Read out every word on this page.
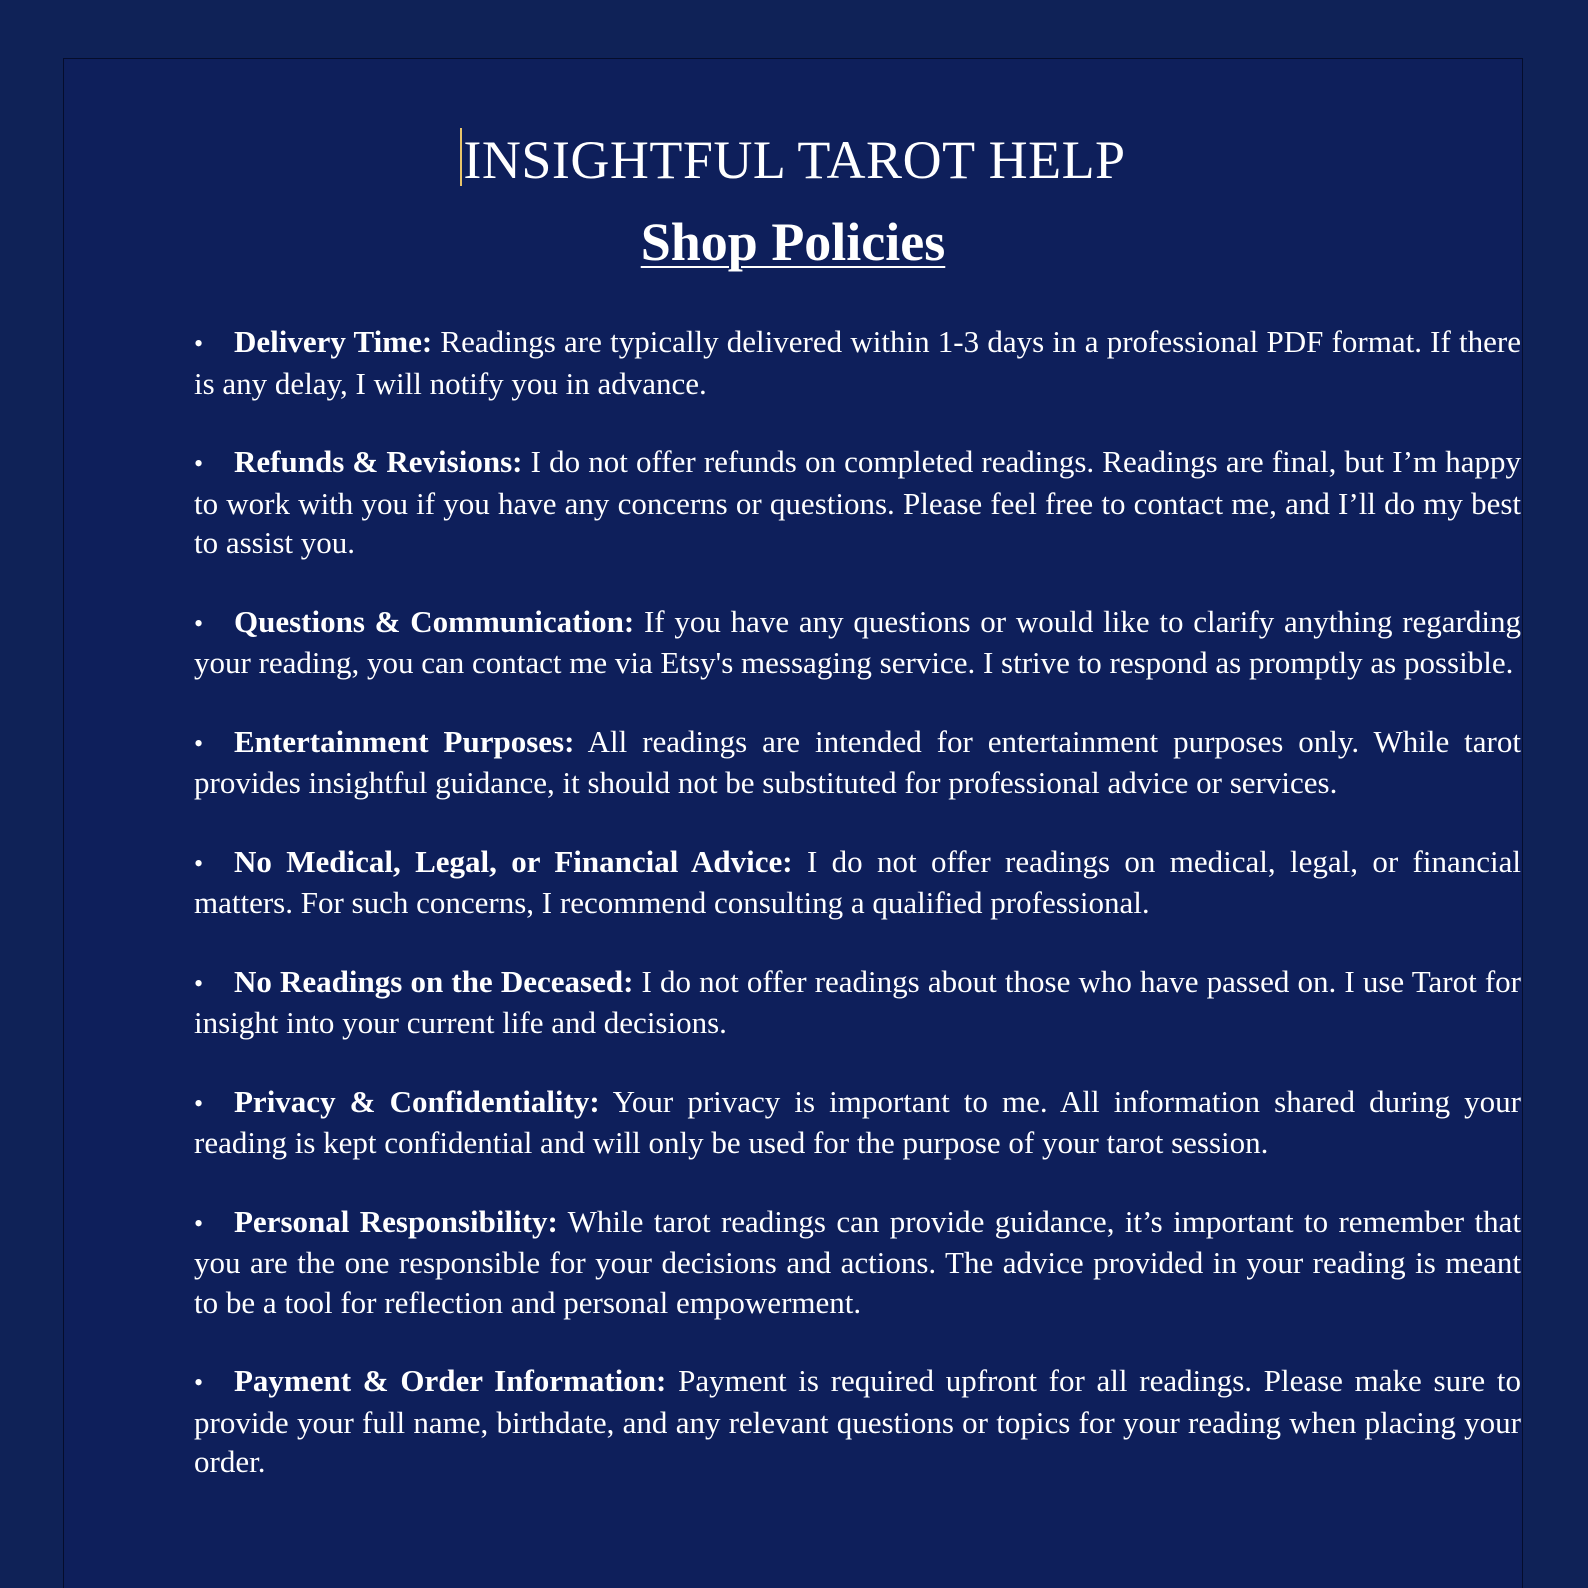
INSIGHTFUL TAROT HELP
Shop Policies
• Delivery Time: Readings are typically delivered within 1-3 days in a professional PDF format. If there is any delay, I will notify you in advance.
• Refunds & Revisions: I do not offer refunds on completed readings. Readings are final, but I’m happy to work with you if you have any concerns or questions. Please feel free to contact me, and I’ll do my best to assist you.
• Questions & Communication: If you have any questions or would like to clarify anything regarding your reading, you can contact me via Etsy's messaging service. I strive to respond as promptly as possible.
• Entertainment Purposes: All readings are intended for entertainment purposes only. While tarot provides insightful guidance, it should not be substituted for professional advice or services.
• No Medical, Legal, or Financial Advice: I do not offer readings on medical, legal, or financial matters. For such concerns, I recommend consulting a qualified professional.
• No Readings on the Deceased: I do not offer readings about those who have passed on. I use Tarot for insight into your current life and decisions.
• Privacy & Confidentiality: Your privacy is important to me. All information shared during your reading is kept confidential and will only be used for the purpose of your tarot session.
• Personal Responsibility: While tarot readings can provide guidance, it’s important to remember that you are the one responsible for your decisions and actions. The advice provided in your reading is meant to be a tool for reflection and personal empowerment.
• Payment & Order Information: Payment is required upfront for all readings. Please make sure to provide your full name, birthdate, and any relevant questions or topics for your reading when placing your order.
